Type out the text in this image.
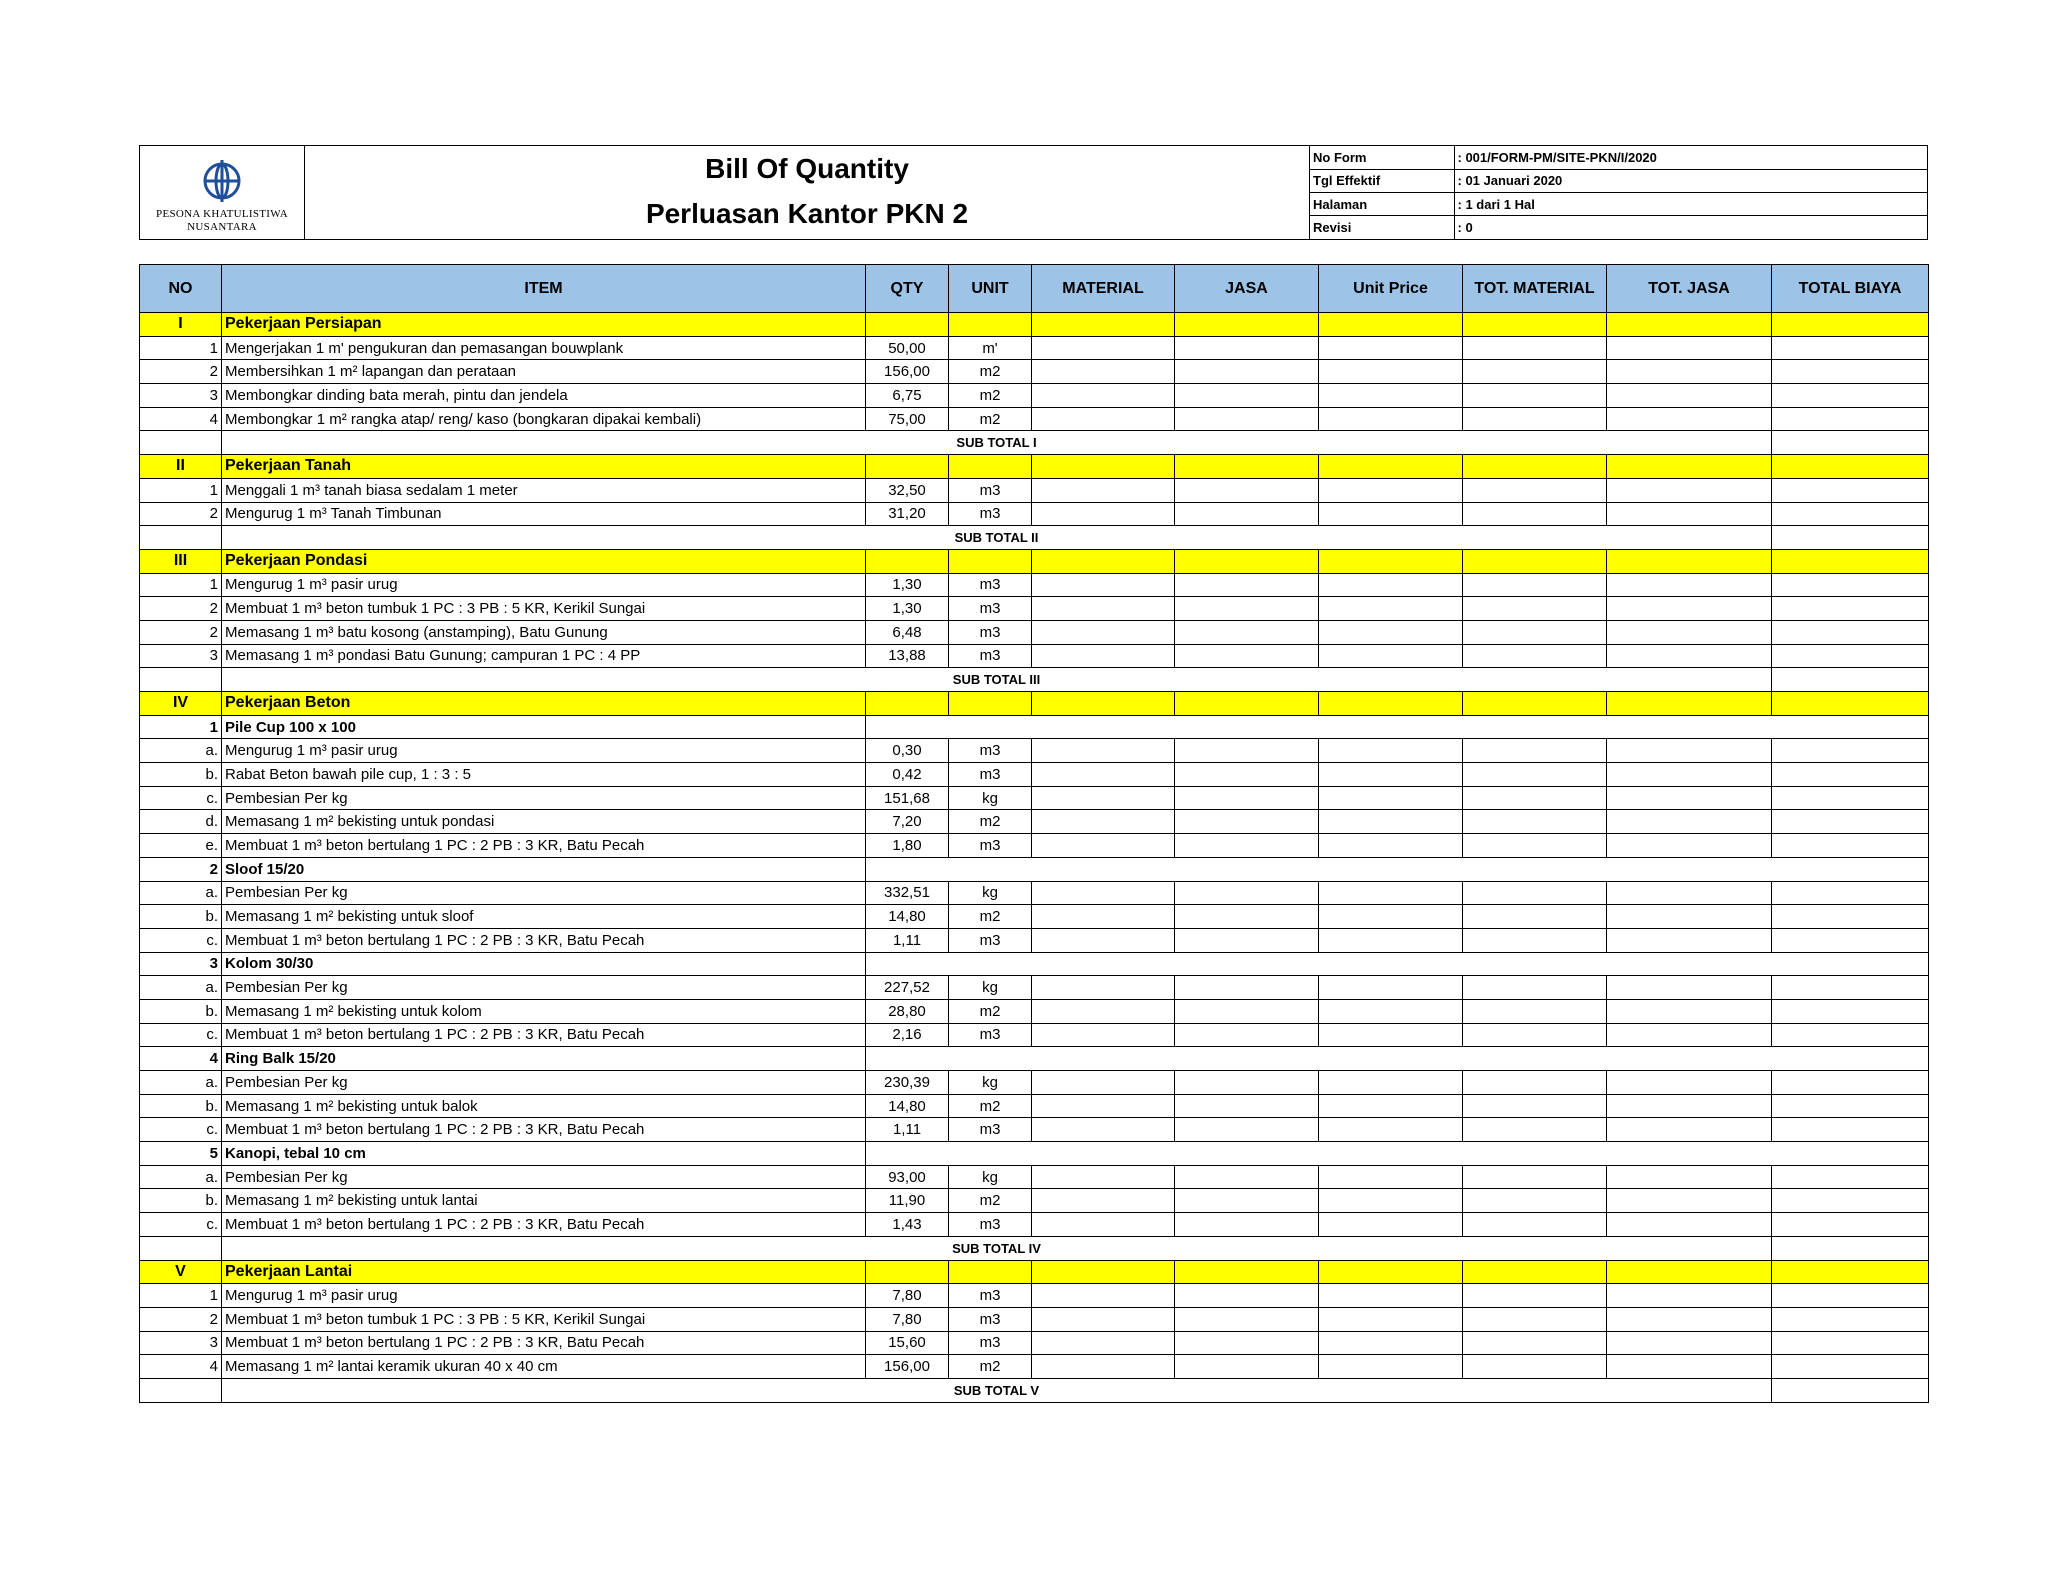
PESONA KHATULISTIWA
NUSANTARA
Bill Of Quantity
Perluasan Kantor PKN 2
No Form	: 001/FORM-PM/SITE-PKN/I/2020
Tgl Effektif	: 01 Januari 2020
Halaman	: 1 dari 1 Hal
Revisi	: 0
NO	ITEM	QTY	UNIT	MATERIAL	JASA	Unit Price	TOT. MATERIAL	TOT. JASA	TOTAL BIAYA
I	Pekerjaan Persiapan								
1	Mengerjakan 1 m' pengukuran dan pemasangan bouwplank	50,00	m'						
2	Membersihkan 1 m² lapangan dan perataan	156,00	m2						
3	Membongkar dinding bata merah, pintu dan jendela	6,75	m2						
4	Membongkar 1 m² rangka atap/ reng/ kaso (bongkaran dipakai kembali)	75,00	m2						
	SUB TOTAL I								
II	Pekerjaan Tanah								
1	Menggali 1 m³ tanah biasa sedalam 1 meter	32,50	m3						
2	Mengurug 1 m³ Tanah Timbunan	31,20	m3						
	SUB TOTAL II								
III	Pekerjaan Pondasi								
1	Mengurug 1 m³ pasir urug	1,30	m3						
2	Membuat 1 m³ beton tumbuk 1 PC : 3 PB : 5 KR, Kerikil Sungai	1,30	m3						
2	Memasang 1 m³ batu kosong (anstamping), Batu Gunung	6,48	m3						
3	Memasang 1 m³ pondasi Batu Gunung; campuran 1 PC : 4 PP	13,88	m3						
	SUB TOTAL III								
IV	Pekerjaan Beton								
1	Pile Cup 100 x 100								
a.	Mengurug 1 m³ pasir urug	0,30	m3						
b.	Rabat Beton bawah pile cup, 1 : 3 : 5	0,42	m3						
c.	Pembesian Per kg	151,68	kg						
d.	Memasang 1 m² bekisting untuk pondasi	7,20	m2						
e.	Membuat 1 m³ beton bertulang 1 PC : 2 PB : 3 KR, Batu Pecah	1,80	m3						
2	Sloof 15/20								
a.	Pembesian Per kg	332,51	kg						
b.	Memasang 1 m² bekisting untuk sloof	14,80	m2						
c.	Membuat 1 m³ beton bertulang 1 PC : 2 PB : 3 KR, Batu Pecah	1,11	m3						
3	Kolom 30/30								
a.	Pembesian Per kg	227,52	kg						
b.	Memasang 1 m² bekisting untuk kolom	28,80	m2						
c.	Membuat 1 m³ beton bertulang 1 PC : 2 PB : 3 KR, Batu Pecah	2,16	m3						
4	Ring Balk 15/20								
a.	Pembesian Per kg	230,39	kg						
b.	Memasang 1 m² bekisting untuk balok	14,80	m2						
c.	Membuat 1 m³ beton bertulang 1 PC : 2 PB : 3 KR, Batu Pecah	1,11	m3						
5	Kanopi, tebal 10 cm								
a.	Pembesian Per kg	93,00	kg						
b.	Memasang 1 m² bekisting untuk lantai	11,90	m2						
c.	Membuat 1 m³ beton bertulang 1 PC : 2 PB : 3 KR, Batu Pecah	1,43	m3						
	SUB TOTAL IV								
V	Pekerjaan Lantai								
1	Mengurug 1 m³ pasir urug	7,80	m3						
2	Membuat 1 m³ beton tumbuk 1 PC : 3 PB : 5 KR, Kerikil Sungai	7,80	m3						
3	Membuat 1 m³ beton bertulang 1 PC : 2 PB : 3 KR, Batu Pecah	15,60	m3						
4	Memasang 1 m² lantai keramik ukuran 40 x 40 cm	156,00	m2						
	SUB TOTAL V								
